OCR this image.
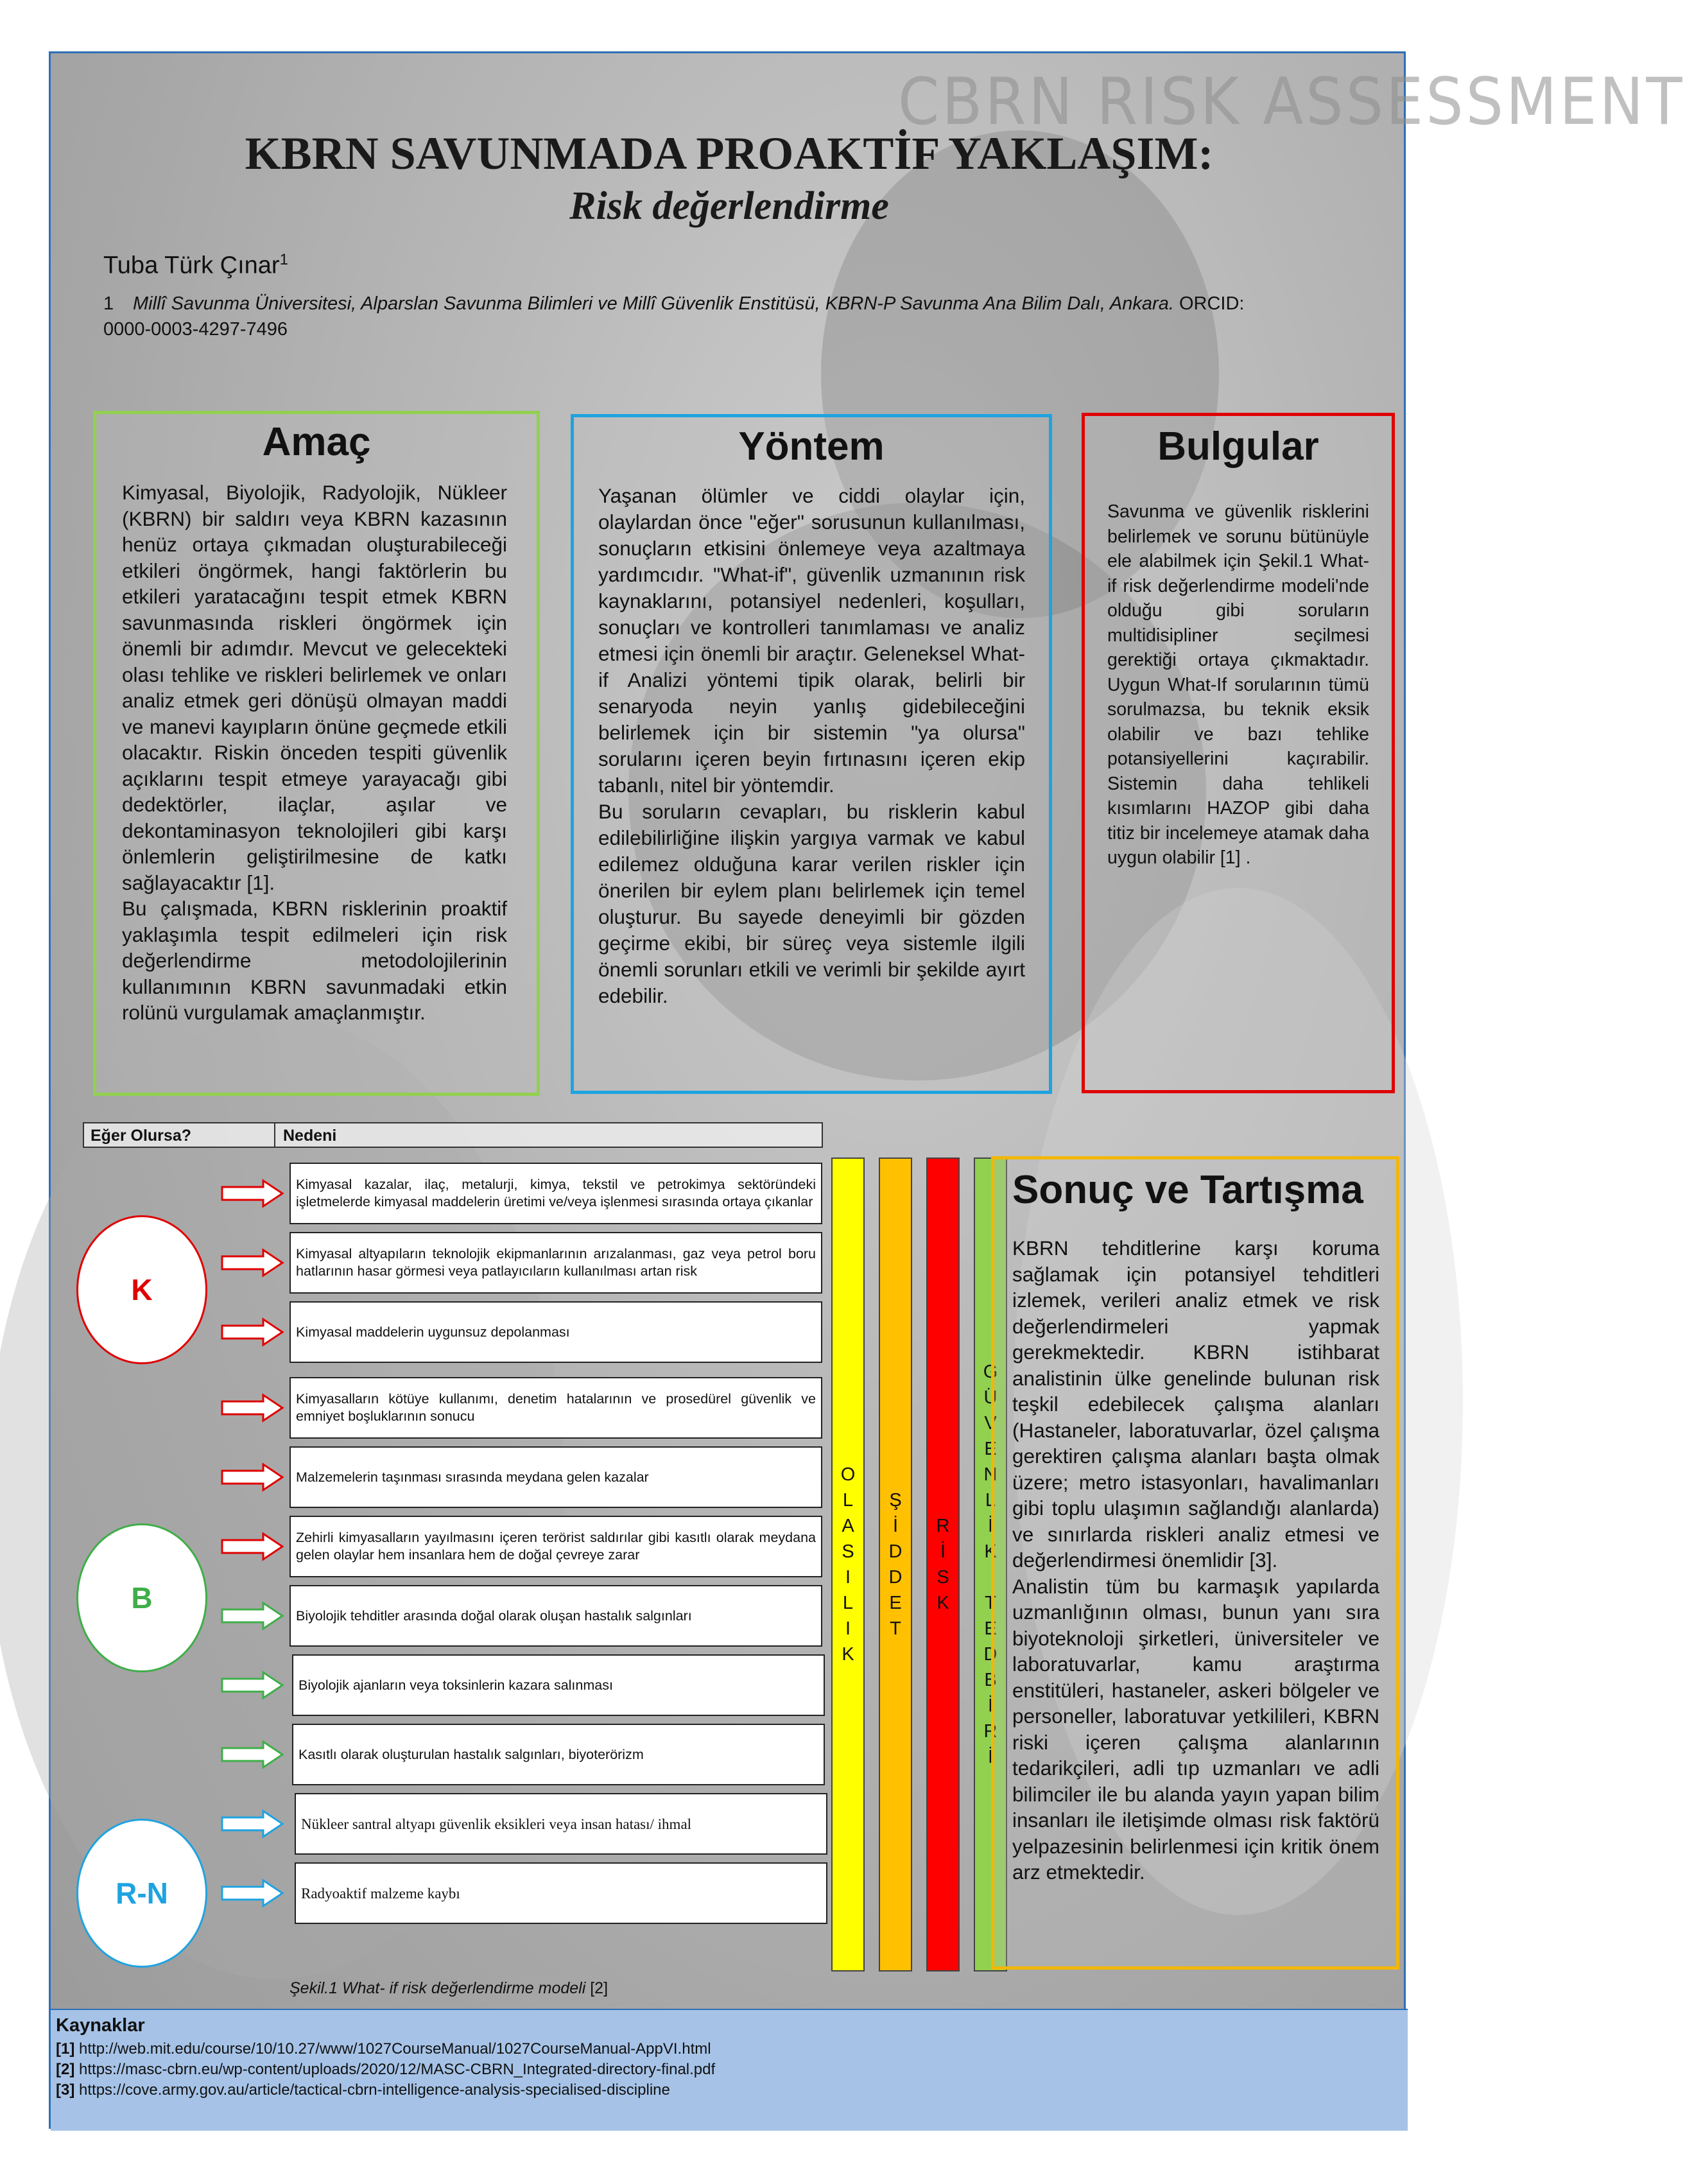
CBRN RISK ASSESSMENT
KBRN SAVUNMADA PROAKTİF YAKLAŞIM:
Risk değerlendirme
Tuba Türk Çınar$^1$
1 Millî Savunma Üniversitesi, Alparslan Savunma Bilimleri ve Millî Güvenlik Enstitüsü, KBRN-P Savunma Ana Bilim Dalı, Ankara. ORCID: 0000-0003-4297-7496
Amaç

Kimyasal, Biyolojik, Radyolojik, Nükleer (KBRN) bir saldırı veya KBRN kazasının henüz ortaya çıkmadan oluşturabileceği etkileri öngörmek, hangi faktörlerin bu etkileri yaratacağını tespit etmek KBRN savunmasında riskleri öngörmek için önemli bir adımdır. Mevcut ve gelecekteki olası tehlike ve riskleri belirlemek ve onları analiz etmek geri dönüşü olmayan maddi ve manevi kayıpların önüne geçmede etkili olacaktır. Riskin önceden tespiti güvenlik açıklarını tespit etmeye yarayacağı gibi dedektörler, ilaçlar, aşılar ve dekontaminasyon teknolojileri gibi karşı önlemlerin geliştirilmesine de katkı sağlayacaktır [1].

Bu çalışmada, KBRN risklerinin proaktif yaklaşımla tespit edilmeleri için risk değerlendirme metodolojilerinin kullanımının KBRN savunmadaki etkin rolünü vurgulamak amaçlanmıştır.

Yöntem

Yaşanan ölümler ve ciddi olaylar için, olaylardan önce "eğer" sorusunun kullanılması, sonuçların etkisini önlemeye veya azaltmaya yardımcıdır. "What-if", güvenlik uzmanının risk kaynaklarını, potansiyel nedenleri, koşulları, sonuçları ve kontrolleri tanımlaması ve analiz etmesi için önemli bir araçtır. Geleneksel What-if Analizi yöntemi tipik olarak, belirli bir senaryoda neyin yanlış gidebileceğini belirlemek için bir sistemin "ya olursa" sorularını içeren beyin fırtınasını içeren ekip tabanlı, nitel bir yöntemdir.

Bu soruların cevapları, bu risklerin kabul edilebilirliğine ilişkin yargıya varmak ve kabul edilemez olduğuna karar verilen riskler için önerilen bir eylem planı belirlemek için temel oluşturur. Bu sayede deneyimli bir gözden geçirme ekibi, bir süreç veya sistemle ilgili önemli sorunları etkili ve verimli bir şekilde ayırt edebilir.

Bulgular

Savunma ve güvenlik risklerini belirlemek ve sorunu bütünüyle ele alabilmek için Şekil.1 What-if risk değerlendirme modeli'nde olduğu gibi soruların multidisipliner seçilmesi gerektiği ortaya çıkmaktadır. Uygun What-If sorularının tümü sorulmazsa, bu teknik eksik olabilir ve bazı tehlike potansiyellerini kaçırabilir. Sistemin daha tehlikeli kısımlarını HAZOP gibi daha titiz bir incelemeye atamak daha uygun olabilir [1] .

Eğer Olursa?	Nedeni
K
B
R-N
Kimyasal kazalar, ilaç, metalurji, kimya, tekstil ve petrokimya sektöründeki işletmelerde kimyasal maddelerin üretimi ve/veya işlenmesi sırasında ortaya çıkanlar
Kimyasal altyapıların teknolojik ekipmanlarının arızalanması, gaz veya petrol boru hatlarının hasar görmesi veya patlayıcıların kullanılması artan risk
Kimyasal maddelerin uygunsuz depolanması
Kimyasalların kötüye kullanımı, denetim hatalarının ve prosedürel güvenlik ve emniyet boşluklarının sonucu
Malzemelerin taşınması sırasında meydana gelen kazalar
Zehirli kimyasalların yayılmasını içeren terörist saldırılar gibi kasıtlı olarak meydana gelen olaylar hem insanlara hem de doğal çevreye zarar
Biyolojik tehditler arasında doğal olarak oluşan hastalık salgınları
Biyolojik ajanların veya toksinlerin kazara salınması
Kasıtlı olarak oluşturulan hastalık salgınları, biyoterörizm
Nükleer santral altyapı güvenlik eksikleri veya insan hatası/ ihmal
Radyoaktif malzeme kaybı
O
L
A
S
I
L
I
K
Ş
İ
D
D
E
T
R
İ
S
K
G
Ü
V
E
N
L
İ
K

T
E
D
B
İ
R
İ
Şekil.1 What- if risk değerlendirme modeli [2]
Sonuç ve Tartışma

KBRN tehditlerine karşı koruma sağlamak için potansiyel tehditleri izlemek, verileri analiz etmek ve risk değerlendirmeleri yapmak gerekmektedir. KBRN istihbarat analistinin ülke genelinde bulunan risk teşkil edebilecek çalışma alanları (Hastaneler, laboratuvarlar, özel çalışma gerektiren çalışma alanları başta olmak üzere; metro istasyonları, havalimanları gibi toplu ulaşımın sağlandığı alanlarda) ve sınırlarda riskleri analiz etmesi ve değerlendirmesi önemlidir [3].

Analistin tüm bu karmaşık yapılarda uzmanlığının olması, bunun yanı sıra biyoteknoloji şirketleri, üniversiteler ve laboratuvarlar, kamu araştırma enstitüleri, hastaneler, askeri bölgeler ve personeller, laboratuvar yetkilileri, KBRN riski içeren çalışma alanlarının tedarikçileri, adli tıp uzmanları ve adli bilimciler ile bu alanda yayın yapan bilim insanları ile iletişimde olması risk faktörü yelpazesinin belirlenmesi için kritik önem arz etmektedir.

Kaynaklar
[1] http://web.mit.edu/course/10/10.27/www/1027CourseManual/1027CourseManual-AppVI.html
[2] https://masc-cbrn.eu/wp-content/uploads/2020/12/MASC-CBRN_Integrated-directory-final.pdf
[3] https://cove.army.gov.au/article/tactical-cbrn-intelligence-analysis-specialised-discipline
